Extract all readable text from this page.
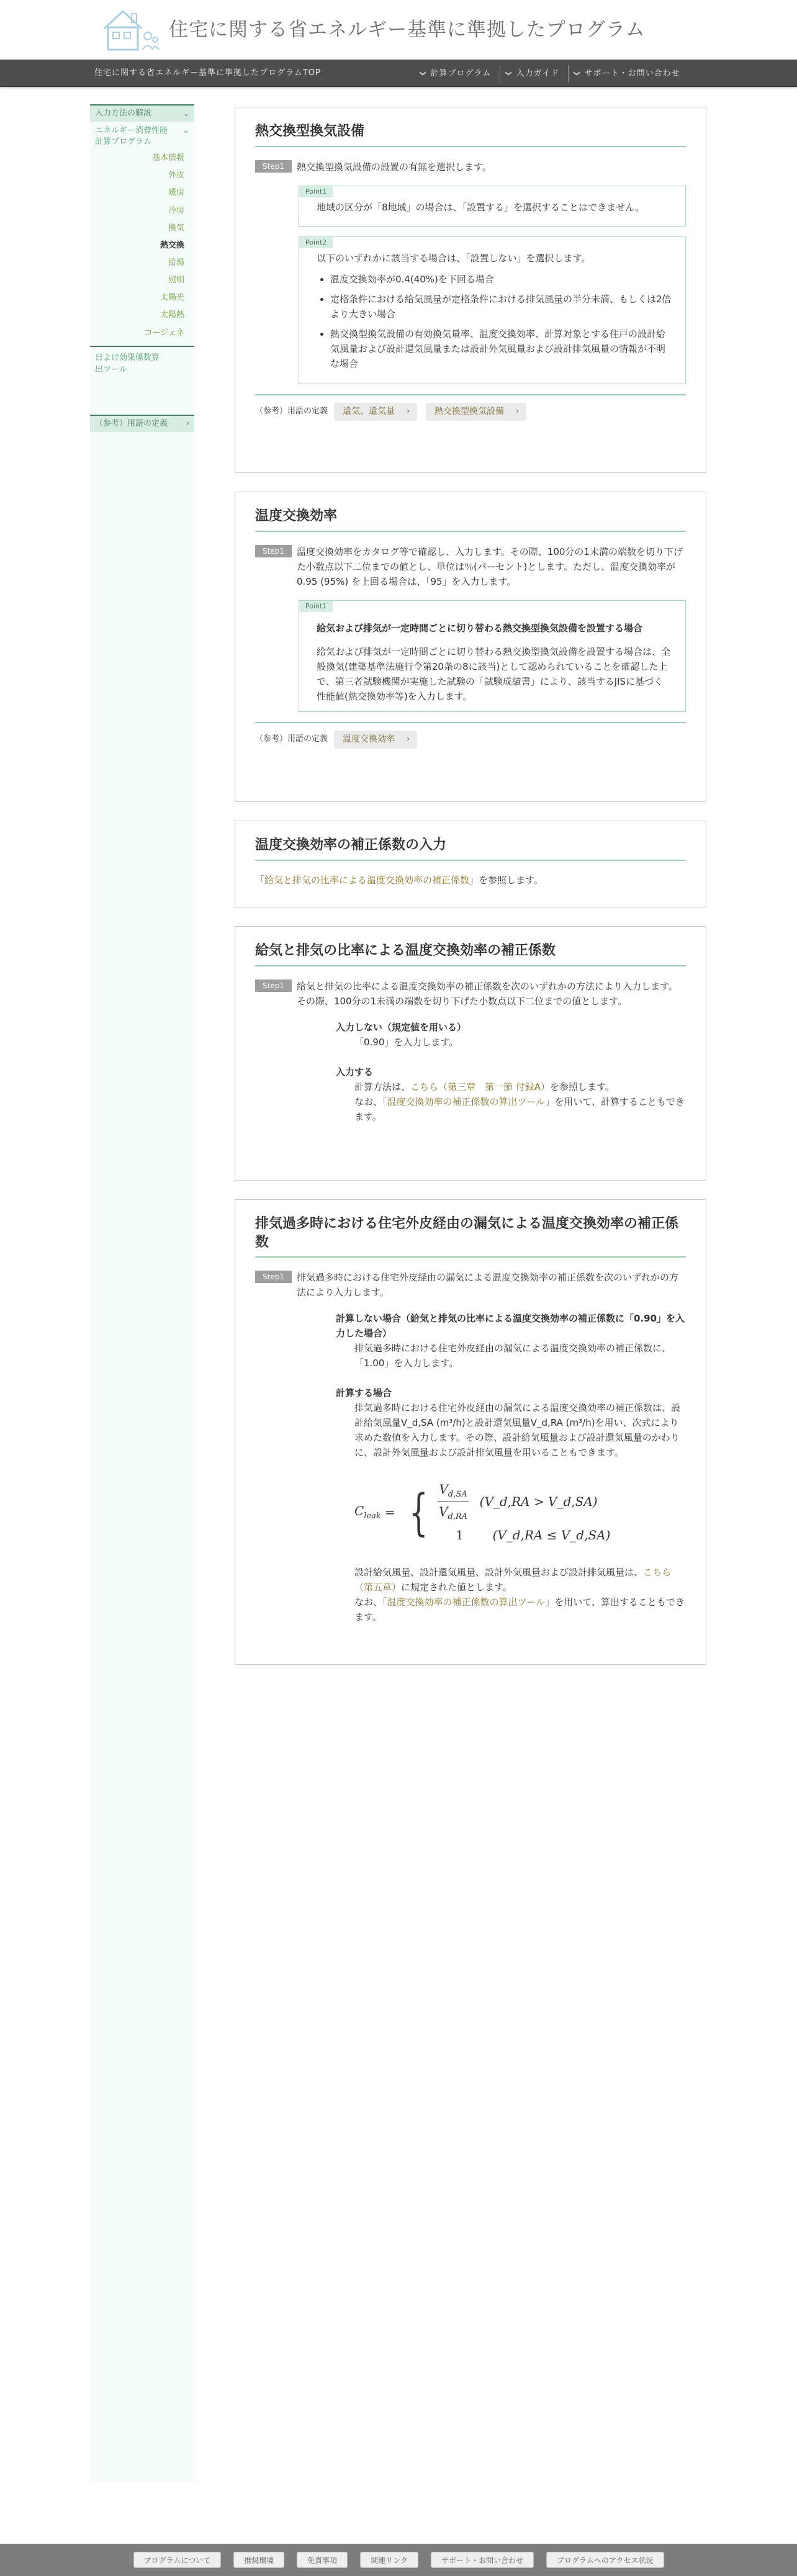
住宅に関する省エネルギー基準に準拠したプログラム
住宅に関する省エネルギー基準に準拠したプログラムTOP	❯ 計算プログラム ❯ 入力ガイド ❯ サポート・お問い合わせ
入力方法の解説	⌄
エネルギー消費性能計算プログラム
⌄
基本情報
外皮
暖房
冷房
換気
熱交換
給湯
照明
太陽光
太陽熱
コージェネ
日よけ効果係数算出ツール
（参考）用語の定義 ›
熱交換型換気設備
Step1	熱交換型換気設備の設置の有無を選択します。
Point1

地域の区分が「8地域」の場合は、「設置する」を選択することはできません。

Point2

以下のいずれかに該当する場合は、「設置しない」を選択します。

• 温度交換効率が0.4(40%)を下回る場合
• 定格条件における給気風量が定格条件における排気風量の半分未満、もしくは2倍より大きい場合
• 熱交換型換気設備の有効換気量率、温度交換効率、計算対象とする住戸の設計給気風量および設計還気風量または設計外気風量および設計排気風量の情報が不明な場合
（参考）用語の定義	還気、還気量 ›	熱交換型換気設備 ›
温度交換効率
Step1	温度交換効率をカタログ等で確認し、入力します。その際、100分の1未満の端数を切り下げた小数点以下二位までの値とし、単位は％(パーセント)とします。ただし、温度交換効率が0.95 (95%) を上回る場合は、「95」を入力します。
Point1

給気および排気が一定時間ごとに切り替わる熱交換型換気設備を設置する場合

給気および排気が一定時間ごとに切り替わる熱交換型換気設備を設置する場合は、全般換気(建築基準法施行令第20条の8に該当)として認められていることを確認した上で、第三者試験機関が実施した試験の「試験成績書」により、該当するJISに基づく性能値(熱交換効率等)を入力します。

（参考）用語の定義	温度交換効率 ›
温度交換効率の補正係数の入力

「給気と排気の比率による温度交換効率の補正係数」を参照します。

給気と排気の比率による温度交換効率の補正係数
Step1	給気と排気の比率による温度交換効率の補正係数を次のいずれかの方法により入力します。その際、100分の1未満の端数を切り下げた小数点以下二位までの値とします。
入力しない（規定値を用いる）
「0.90」を入力します。
入力する
計算方法は、こちら（第三章　第一節 付録A）を参照します。
なお、「温度交換効率の補正係数の算出ツール」を用いて、計算することもできます。
排気過多時における住宅外皮経由の漏気による温度交換効率の補正係数
Step1	排気過多時における住宅外皮経由の漏気による温度交換効率の補正係数を次のいずれかの方法により入力します。
計算しない場合（給気と排気の比率による温度交換効率の補正係数に「0.90」を入力した場合）
排気過多時における住宅外皮経由の漏気による温度交換効率の補正係数に、「1.00」を入力します。
計算する場合
排気過多時における住宅外皮経由の漏気による温度交換効率の補正係数は、設計給気風量V_d,SA (m³/h)と設計還気風量V_d,RA (m³/h)を用い、次式により求めた数値を入力します。その際、設計給気風量および設計還気風量のかわりに、設計外気風量および設計排気風量を用いることもできます。
$C_{leak}$ = { $\frac{V_{d,SA}}{V_{d,RA}}$ (V_d,RA > V_d,SA)
1	(V_d,RA ≤ V_d,SA)
設計給気風量、設計還気風量、設計外気風量および設計排気風量は、こちら（第五章）に規定された値とします。
なお、「温度交換効率の補正係数の算出ツール」を用いて、算出することもできます。
プログラムについて	推奨環境	免責事項	関連リンク	サポート・お問い合わせ	プログラムへのアクセス状況
